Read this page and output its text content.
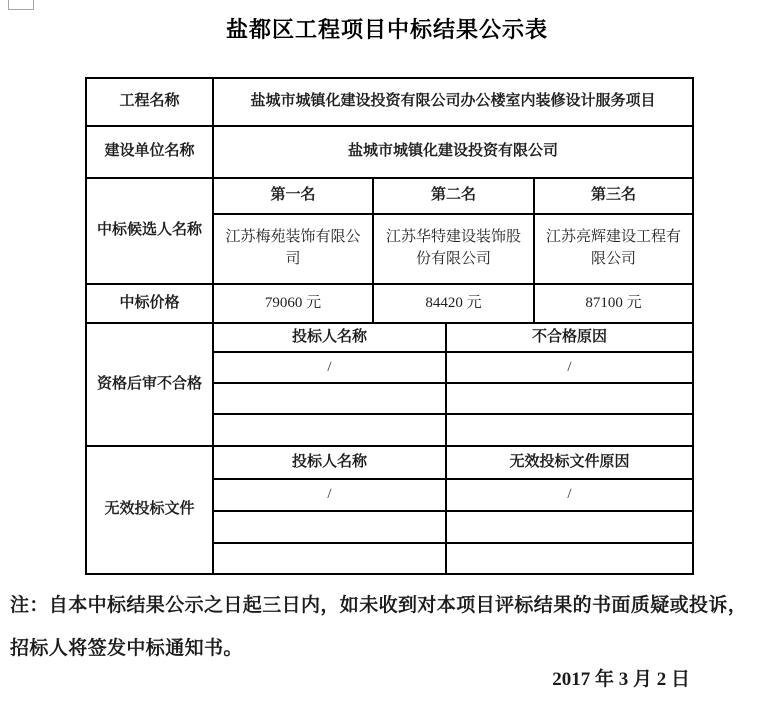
盐都区工程项目中标结果公示表
工程名称	盐城市城镇化建设投资有限公司办公楼室内装修设计服务项目			
建设单位名称	盐城市城镇化建设投资有限公司			
中标候选人名称	第一名	第二名		第三名
	江苏梅苑装饰有限公司	江苏华特建设装饰股份有限公司		江苏亮辉建设工程有限公司
中标价格	79060 元	84420 元		87100 元
资格后审不合格	投标人名称		不合格原因	
	/		/	

无效投标文件	投标人名称		无效投标文件原因	
	/		/	

注：自本中标结果公示之日起三日内，如未收到对本项目评标结果的书面质疑或投诉，
招标人将签发中标通知书。
2017 年 3 月 2 日
